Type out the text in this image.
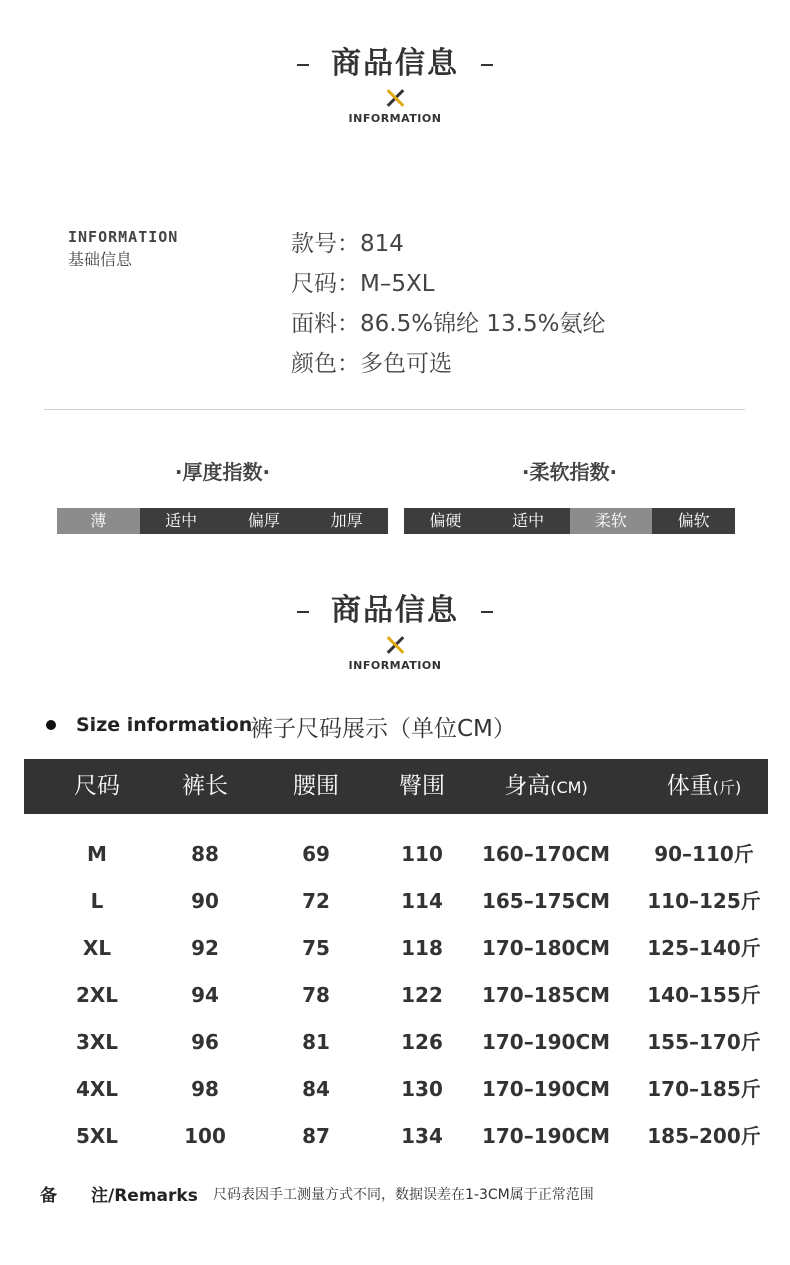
商品信息
INFORMATION
INFORMATION
基础信息
款号：814
尺码：M–5XL
面料：86.5%锦纶 13.5%氨纶
颜色：多色可选
·厚度指数·
薄	适中	偏厚	加厚
·柔软指数·
偏硬	适中	柔软	偏软
商品信息
INFORMATION
Size information
裤子尺码展示（单位CM）
尺码	裤长	腰围	臀围	身高(CM)	体重(斤)
M	88	69	110	160–170CM	90–110斤
L	90	72	114	165–175CM	110–125斤
XL	92	75	118	170–180CM	125–140斤
2XL	94	78	122	170–185CM	140–155斤
3XL	96	81	126	170–190CM	155–170斤
4XL	98	84	130	170–190CM	170–185斤
5XL	100	87	134	170–190CM	185–200斤
备 注/Remarks 尺码表因手工测量方式不同，数据误差在1-3CM属于正常范围
